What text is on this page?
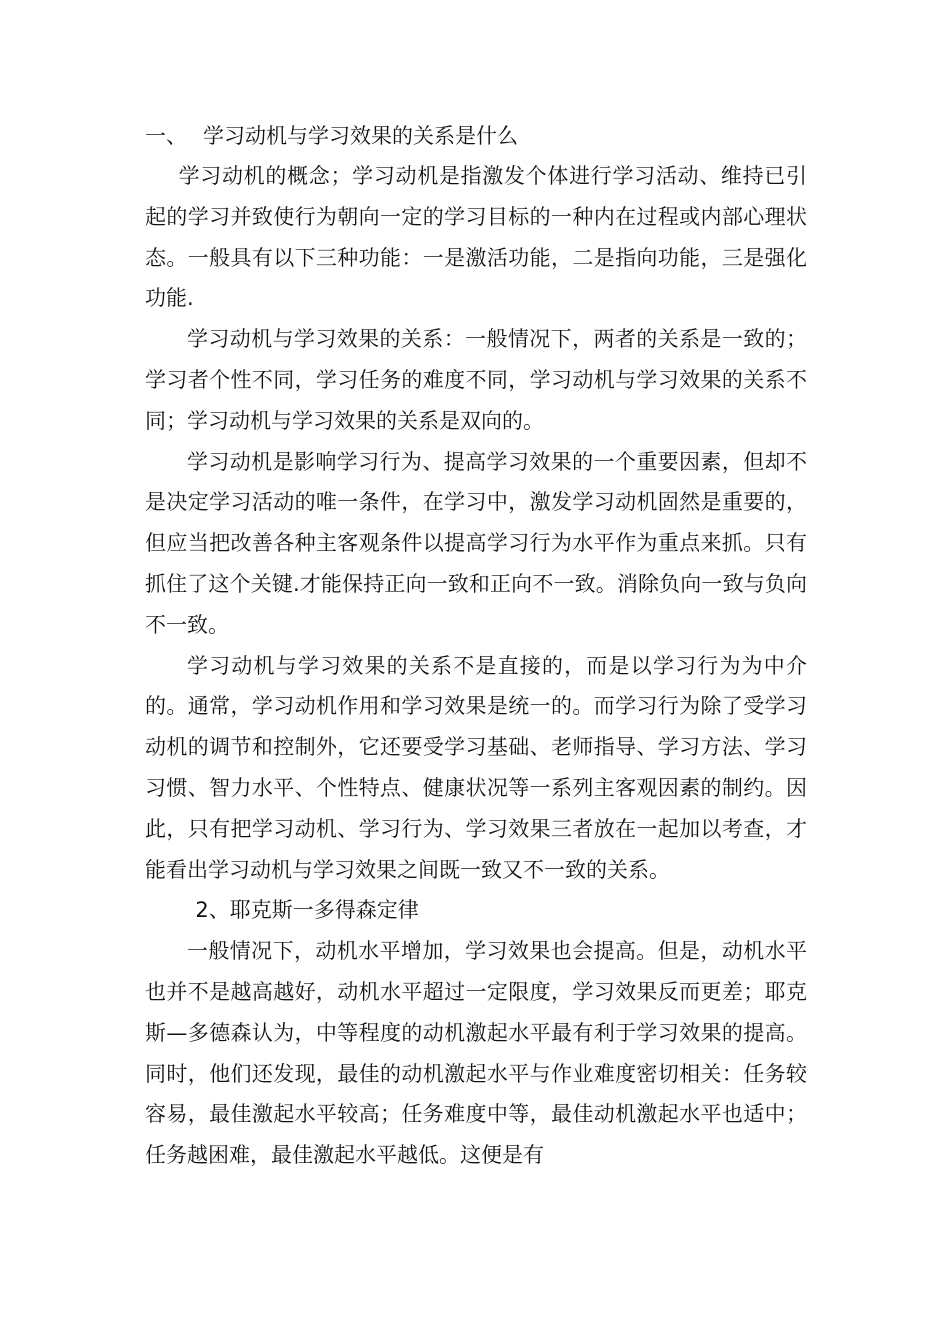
一、 学习动机与学习效果的关系是什么

学习动机的概念；学习动机是指激发个体进行学习活动、维持已引起的学习并致使行为朝向一定的学习目标的一种内在过程或内部心理状态。一般具有以下三种功能：一是激活功能，二是指向功能，三是强化功能.

学习动机与学习效果的关系：一般情况下，两者的关系是一致的；学习者个性不同，学习任务的难度不同，学习动机与学习效果的关系不同；学习动机与学习效果的关系是双向的。

学习动机是影响学习行为、提高学习效果的一个重要因素，但却不是决定学习活动的唯一条件，在学习中，激发学习动机固然是重要的，但应当把改善各种主客观条件以提高学习行为水平作为重点来抓。只有抓住了这个关键.才能保持正向一致和正向不一致。消除负向一致与负向不一致。

学习动机与学习效果的关系不是直接的，而是以学习行为为中介的。通常，学习动机作用和学习效果是统一的。而学习行为除了受学习动机的调节和控制外，它还要受学习基础、老师指导、学习方法、学习习惯、智力水平、个性特点、健康状况等一系列主客观因素的制约。因此，只有把学习动机、学习行为、学习效果三者放在一起加以考查，才能看出学习动机与学习效果之间既一致又不一致的关系。

2、耶克斯一多得森定律

一般情况下，动机水平增加，学习效果也会提高。但是，动机水平也并不是越高越好，动机水平超过一定限度，学习效果反而更差；耶克斯—多德森认为，中等程度的动机激起水平最有利于学习效果的提高。同时，他们还发现，最佳的动机激起水平与作业难度密切相关：任务较容易，最佳激起水平较高；任务难度中等，最佳动机激起水平也适中；任务越困难，最佳激起水平越低。这便是有
